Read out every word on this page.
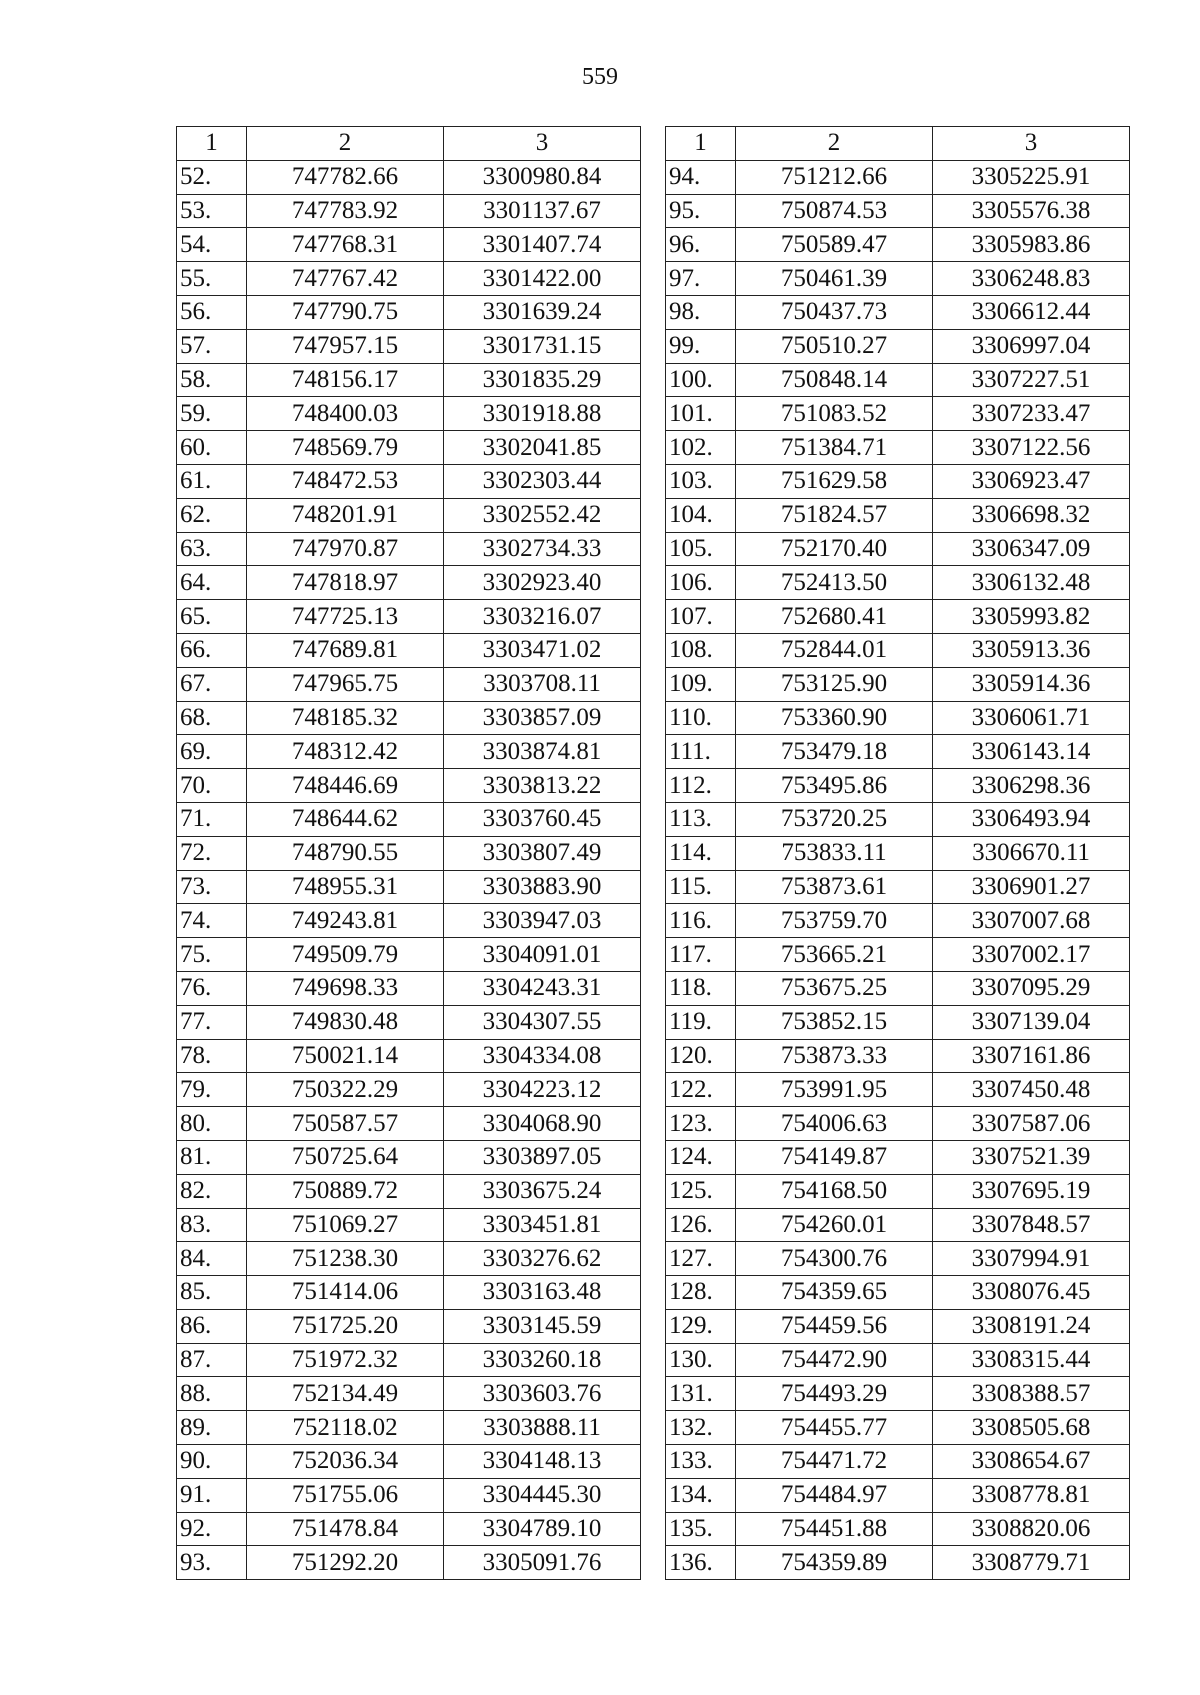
559
1	2	3
52.	747782.66	3300980.84
53.	747783.92	3301137.67
54.	747768.31	3301407.74
55.	747767.42	3301422.00
56.	747790.75	3301639.24
57.	747957.15	3301731.15
58.	748156.17	3301835.29
59.	748400.03	3301918.88
60.	748569.79	3302041.85
61.	748472.53	3302303.44
62.	748201.91	3302552.42
63.	747970.87	3302734.33
64.	747818.97	3302923.40
65.	747725.13	3303216.07
66.	747689.81	3303471.02
67.	747965.75	3303708.11
68.	748185.32	3303857.09
69.	748312.42	3303874.81
70.	748446.69	3303813.22
71.	748644.62	3303760.45
72.	748790.55	3303807.49
73.	748955.31	3303883.90
74.	749243.81	3303947.03
75.	749509.79	3304091.01
76.	749698.33	3304243.31
77.	749830.48	3304307.55
78.	750021.14	3304334.08
79.	750322.29	3304223.12
80.	750587.57	3304068.90
81.	750725.64	3303897.05
82.	750889.72	3303675.24
83.	751069.27	3303451.81
84.	751238.30	3303276.62
85.	751414.06	3303163.48
86.	751725.20	3303145.59
87.	751972.32	3303260.18
88.	752134.49	3303603.76
89.	752118.02	3303888.11
90.	752036.34	3304148.13
91.	751755.06	3304445.30
92.	751478.84	3304789.10
93.	751292.20	3305091.76
1	2	3
94.	751212.66	3305225.91
95.	750874.53	3305576.38
96.	750589.47	3305983.86
97.	750461.39	3306248.83
98.	750437.73	3306612.44
99.	750510.27	3306997.04
100.	750848.14	3307227.51
101.	751083.52	3307233.47
102.	751384.71	3307122.56
103.	751629.58	3306923.47
104.	751824.57	3306698.32
105.	752170.40	3306347.09
106.	752413.50	3306132.48
107.	752680.41	3305993.82
108.	752844.01	3305913.36
109.	753125.90	3305914.36
110.	753360.90	3306061.71
111.	753479.18	3306143.14
112.	753495.86	3306298.36
113.	753720.25	3306493.94
114.	753833.11	3306670.11
115.	753873.61	3306901.27
116.	753759.70	3307007.68
117.	753665.21	3307002.17
118.	753675.25	3307095.29
119.	753852.15	3307139.04
120.	753873.33	3307161.86
122.	753991.95	3307450.48
123.	754006.63	3307587.06
124.	754149.87	3307521.39
125.	754168.50	3307695.19
126.	754260.01	3307848.57
127.	754300.76	3307994.91
128.	754359.65	3308076.45
129.	754459.56	3308191.24
130.	754472.90	3308315.44
131.	754493.29	3308388.57
132.	754455.77	3308505.68
133.	754471.72	3308654.67
134.	754484.97	3308778.81
135.	754451.88	3308820.06
136.	754359.89	3308779.71
